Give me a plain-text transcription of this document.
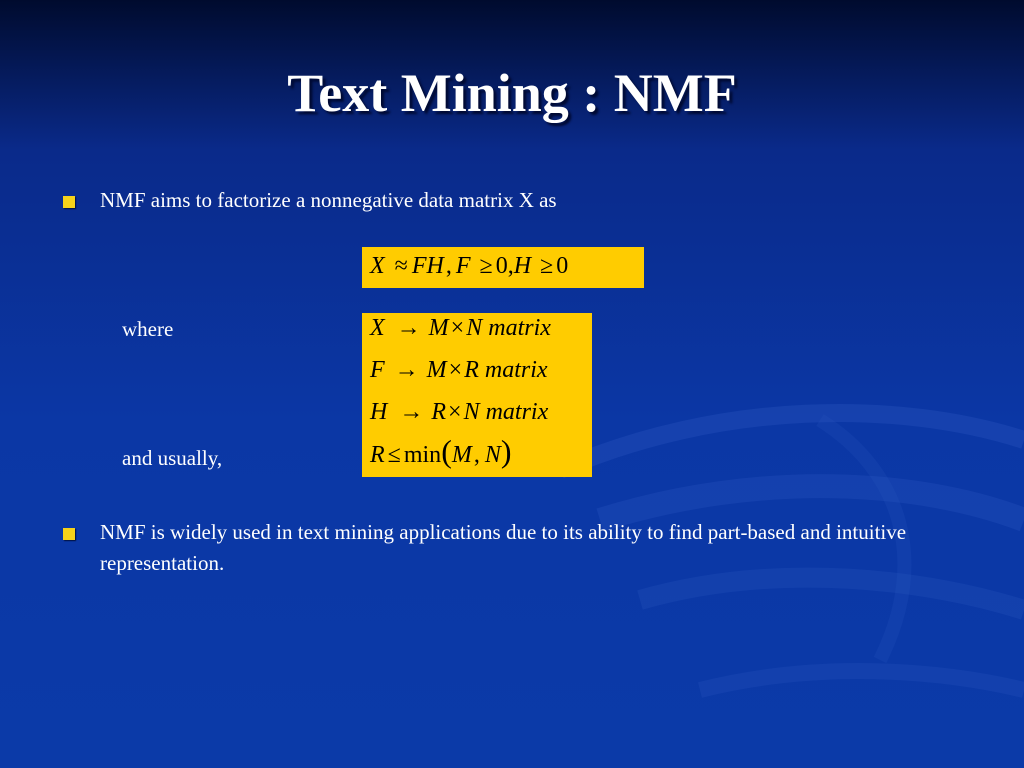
Text Mining : NMF
NMF aims to factorize a nonnegative data matrix X as
X ≈ FH, F ≥ 0,H ≥ 0
where
and usually,
X → M×N matrix
F → M×R matrix
H → R×N matrix
R ≤ min(M, N)
NMF is widely used in text mining applications due to its ability to find part-based and intuitive representation.
